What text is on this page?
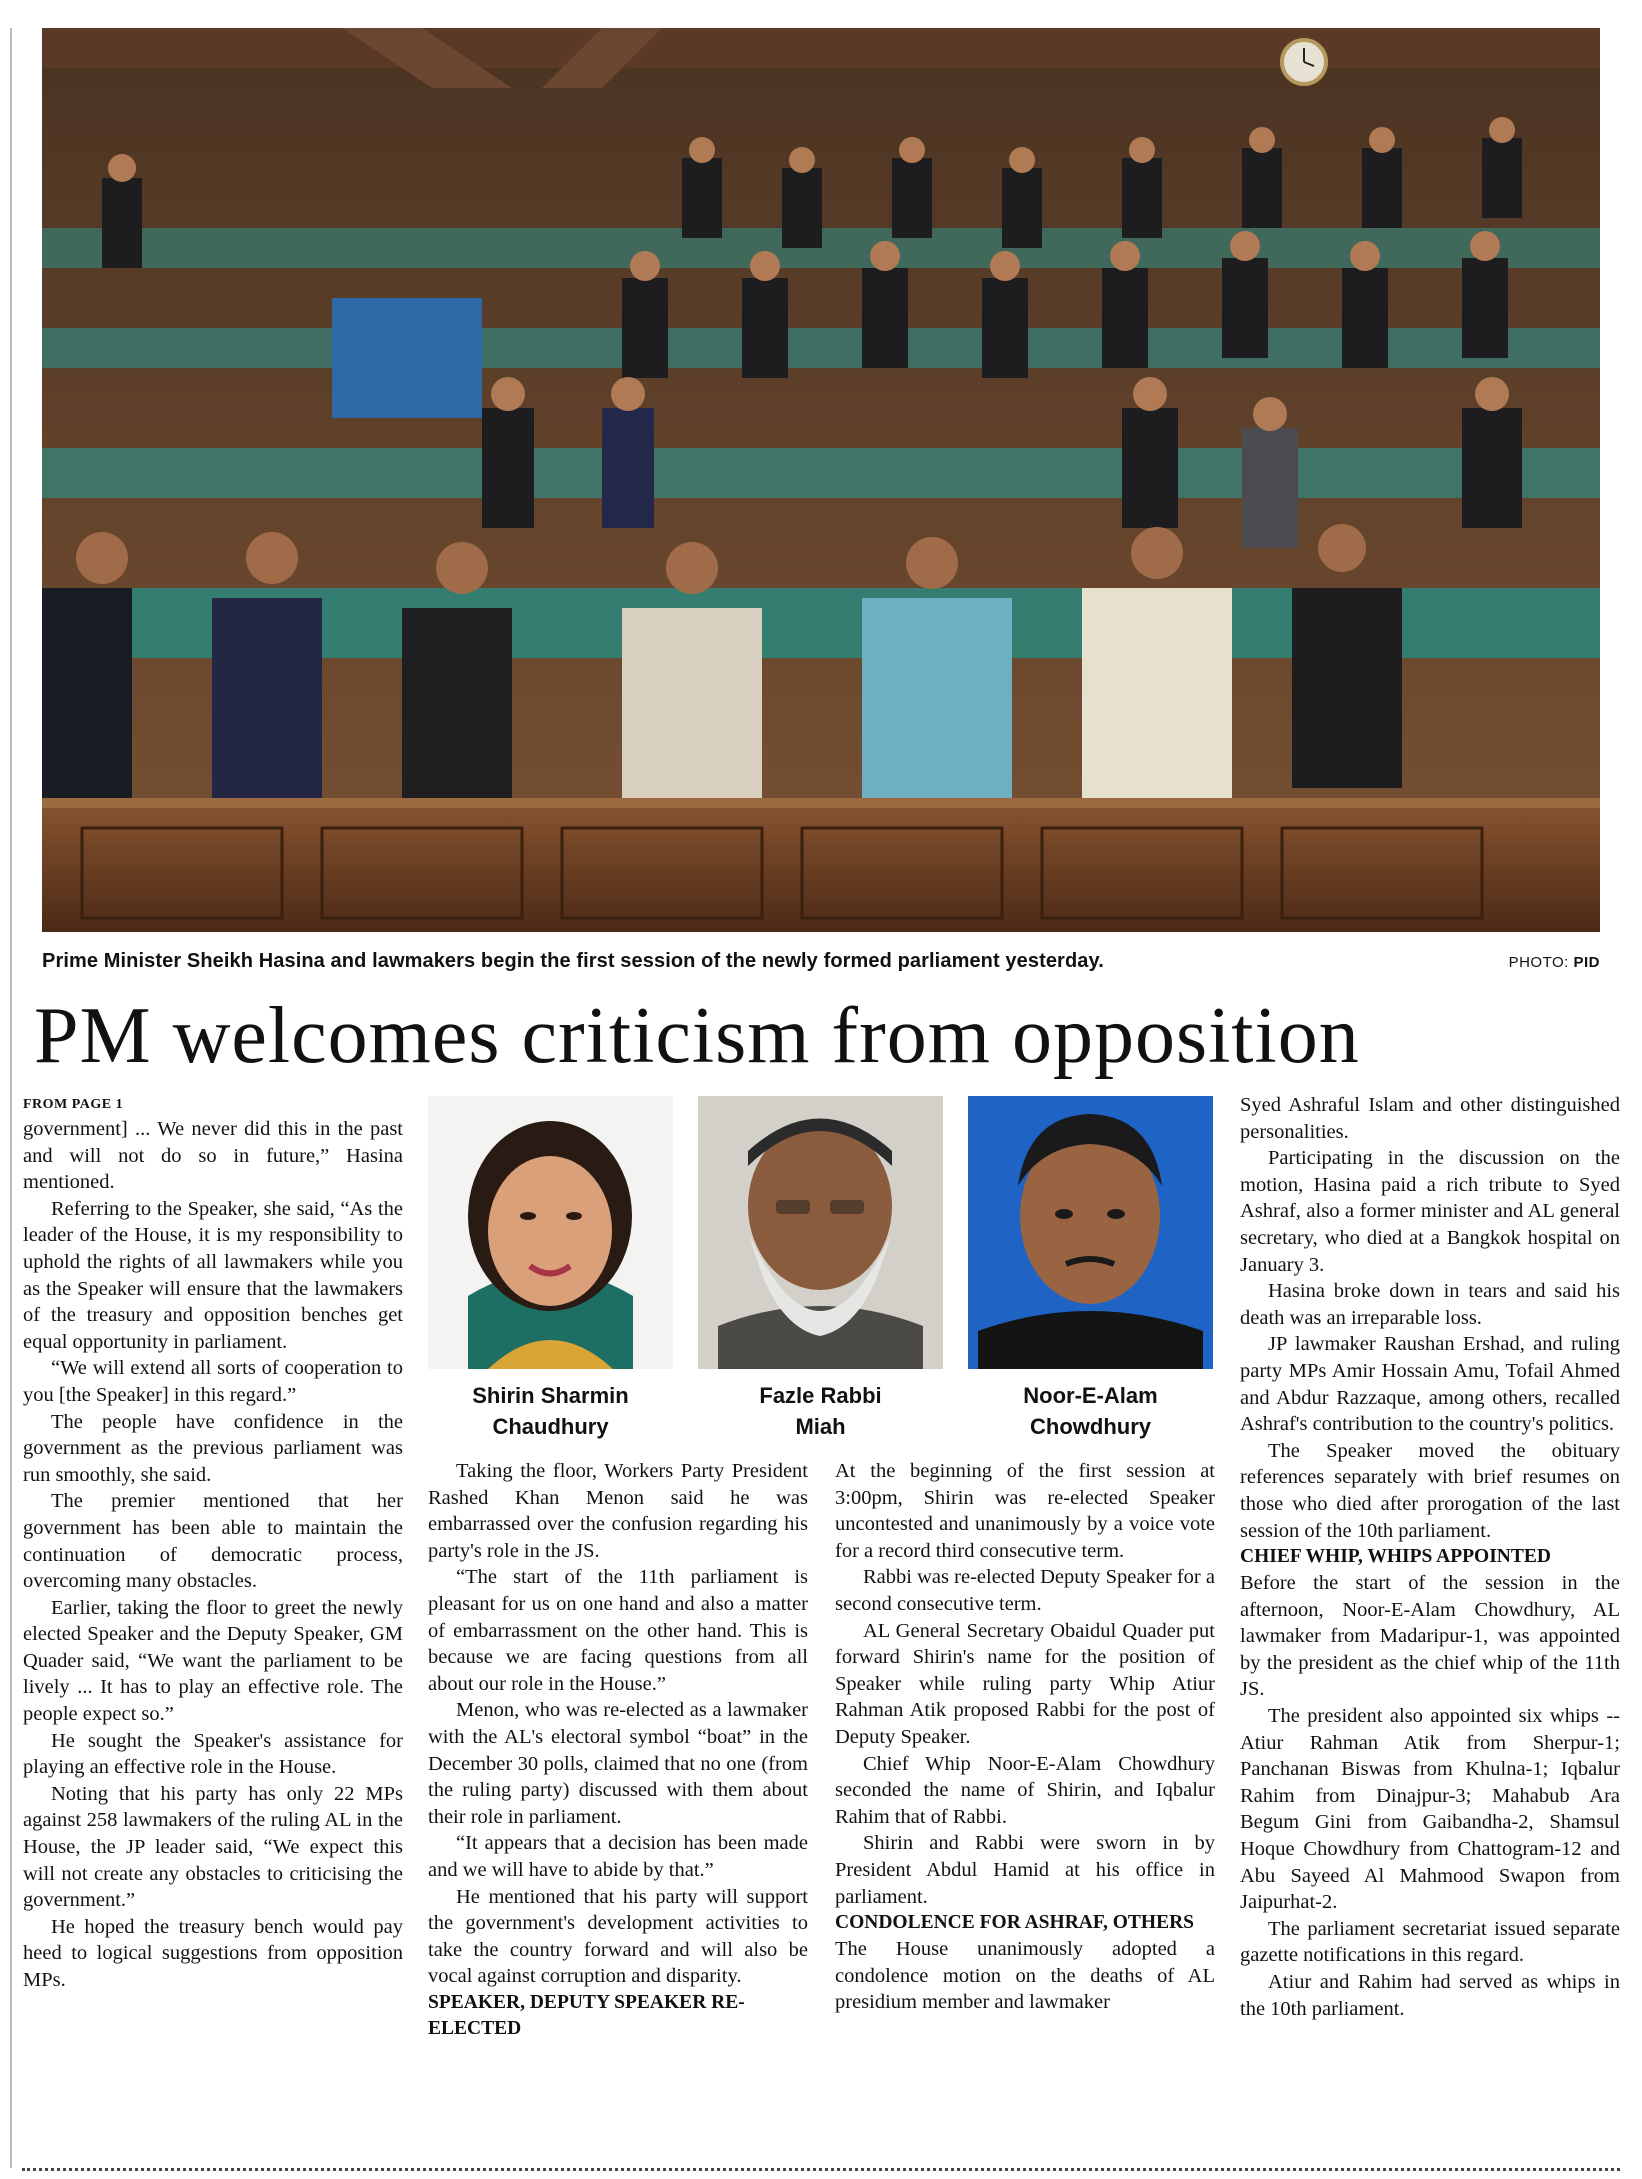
Prime Minister Sheikh Hasina and lawmakers begin the first session of the newly formed parliament yesterday.	PHOTO: PID
PM welcomes criticism from opposition

FROM PAGE 1

government] ... We never did this in the past and will not do so in future,” Hasina mentioned.

Referring to the Speaker, she said, “As the leader of the House, it is my responsibility to uphold the rights of all lawmakers while you as the Speaker will ensure that the lawmakers of the treasury and opposition benches get equal opportunity in parliament.

“We will extend all sorts of cooperation to you [the Speaker] in this regard.”

The people have confidence in the government as the previous parliament was run smoothly, she said.

The premier mentioned that her government has been able to maintain the continuation of democratic process, overcoming many obstacles.

Earlier, taking the floor to greet the newly elected Speaker and the Deputy Speaker, GM Quader said, “We want the parliament to be lively ... It has to play an effective role. The people expect so.”

He sought the Speaker's assistance for playing an effective role in the House.

Noting that his party has only 22 MPs against 258 lawmakers of the ruling AL in the House, the JP leader said, “We expect this will not create any obstacles to criticising the government.”

He hoped the treasury bench would pay heed to logical suggestions from opposition MPs.

Shirin Sharmin
Chaudhury
Fazle Rabbi
Miah
Noor-E-Alam
Chowdhury

Taking the floor, Workers Party President Rashed Khan Menon said he was embarrassed over the confusion regarding his party's role in the JS.

“The start of the 11th parliament is pleasant for us on one hand and also a matter of embarrassment on the other hand. This is because we are facing questions from all about our role in the House.”

Menon, who was re-elected as a lawmaker with the AL's electoral symbol “boat” in the December 30 polls, claimed that no one (from the ruling party) discussed with them about their role in parliament.

“It appears that a decision has been made and we will have to abide by that.”

He mentioned that his party will support the government's development activities to take the country forward and will also be vocal against corruption and disparity.

SPEAKER, DEPUTY SPEAKER RE-ELECTED

At the beginning of the first session at 3:00pm, Shirin was re-elected Speaker uncontested and unanimously by a voice vote for a record third consecutive term.

Rabbi was re-elected Deputy Speaker for a second consecutive term.

AL General Secretary Obaidul Quader put forward Shirin's name for the position of Speaker while ruling party Whip Atiur Rahman Atik proposed Rabbi for the post of Deputy Speaker.

Chief Whip Noor-E-Alam Chowdhury seconded the name of Shirin, and Iqbalur Rahim that of Rabbi.

Shirin and Rabbi were sworn in by President Abdul Hamid at his office in parliament.

CONDOLENCE FOR ASHRAF, OTHERS

The House unanimously adopted a condolence motion on the deaths of AL presidium member and lawmaker

Syed Ashraful Islam and other distinguished personalities.

Participating in the discussion on the motion, Hasina paid a rich tribute to Syed Ashraf, also a former minister and AL general secretary, who died at a Bangkok hospital on January 3.

Hasina broke down in tears and said his death was an irreparable loss.

JP lawmaker Raushan Ershad, and ruling party MPs Amir Hossain Amu, Tofail Ahmed and Abdur Razzaque, among others, recalled Ashraf's contribution to the country's politics.

The Speaker moved the obituary references separately with brief resumes on those who died after prorogation of the last session of the 10th parliament.

CHIEF WHIP, WHIPS APPOINTED

Before the start of the session in the afternoon, Noor-E-Alam Chowdhury, AL lawmaker from Madaripur-1, was appointed by the president as the chief whip of the 11th JS.

The president also appointed six whips -- Atiur Rahman Atik from Sherpur-1; Panchanan Biswas from Khulna-1; Iqbalur Rahim from Dinajpur-3; Mahabub Ara Begum Gini from Gaibandha-2, Shamsul Hoque Chowdhury from Chattogram-12 and Abu Sayeed Al Mahmood Swapon from Jaipurhat-2.

The parliament secretariat issued separate gazette notifications in this regard.

Atiur and Rahim had served as whips in the 10th parliament.
